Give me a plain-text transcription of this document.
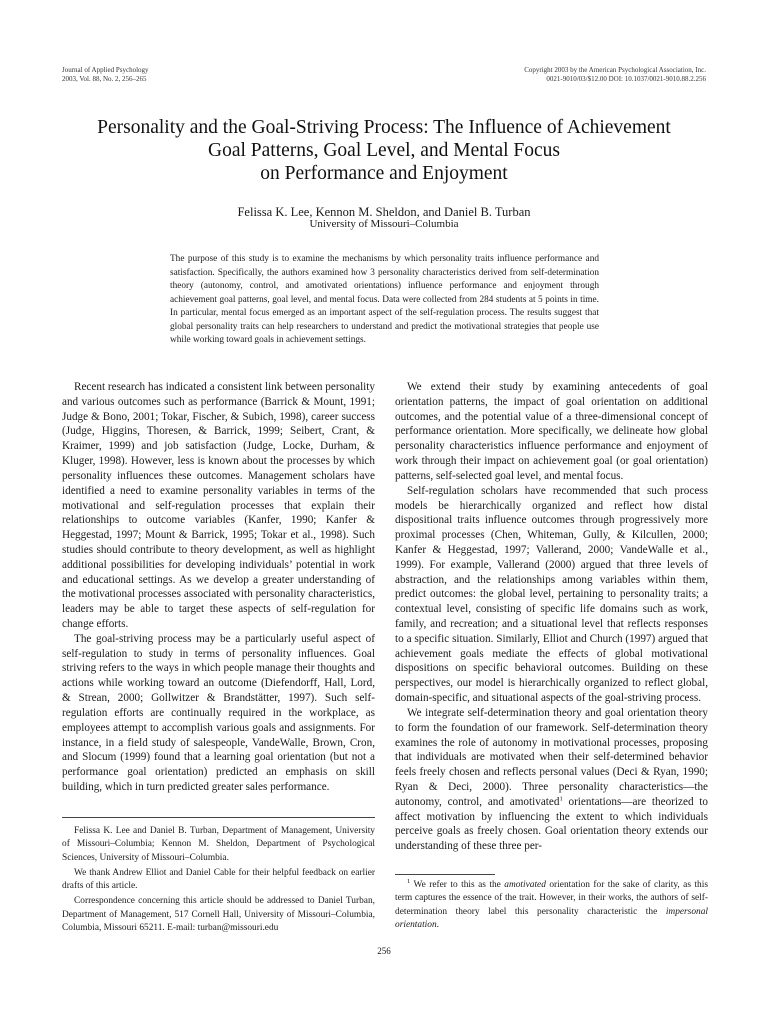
Journal of Applied Psychology
2003, Vol. 88, No. 2, 256–265
Copyright 2003 by the American Psychological Association, Inc.
0021-9010/03/$12.00 DOI: 10.1037/0021-9010.88.2.256
Personality and the Goal-Striving Process: The Influence of Achievement
Goal Patterns, Goal Level, and Mental Focus
on Performance and Enjoyment
Felissa K. Lee, Kennon M. Sheldon, and Daniel B. Turban
University of Missouri–Columbia
The purpose of this study is to examine the mechanisms by which personality traits influence performance and satisfaction. Specifically, the authors examined how 3 personality characteristics derived from self-determination theory (autonomy, control, and amotivated orientations) influence performance and enjoyment through achievement goal patterns, goal level, and mental focus. Data were collected from 284 students at 5 points in time. In particular, mental focus emerged as an important aspect of the self-regulation process. The results suggest that global personality traits can help researchers to understand and predict the motivational strategies that people use while working toward goals in achievement settings.

Recent research has indicated a consistent link between personality and various outcomes such as performance (Barrick & Mount, 1991; Judge & Bono, 2001; Tokar, Fischer, & Subich, 1998), career success (Judge, Higgins, Thoresen, & Barrick, 1999; Seibert, Crant, & Kraimer, 1999) and job satisfaction (Judge, Locke, Durham, & Kluger, 1998). However, less is known about the processes by which personality influences these outcomes. Management scholars have identified a need to examine personality variables in terms of the motivational and self-regulation processes that explain their relationships to outcome variables (Kanfer, 1990; Kanfer & Heggestad, 1997; Mount & Barrick, 1995; Tokar et al., 1998). Such studies should contribute to theory development, as well as highlight additional possibilities for developing individuals’ potential in work and educational settings. As we develop a greater understanding of the motivational processes associated with personality characteristics, leaders may be able to target these aspects of self-regulation for change efforts.

The goal-striving process may be a particularly useful aspect of self-regulation to study in terms of personality influences. Goal striving refers to the ways in which people manage their thoughts and actions while working toward an outcome (Diefendorff, Hall, Lord, & Strean, 2000; Gollwitzer & Brandstätter, 1997). Such self-regulation efforts are continually required in the workplace, as employees attempt to accomplish various goals and assignments. For instance, in a field study of salespeople, VandeWalle, Brown, Cron, and Slocum (1999) found that a learning goal orientation (but not a performance goal orientation) predicted an emphasis on skill building, which in turn predicted greater sales performance.

We extend their study by examining antecedents of goal orientation patterns, the impact of goal orientation on additional outcomes, and the potential value of a three-dimensional concept of performance orientation. More specifically, we delineate how global personality characteristics influence performance and enjoyment of work through their impact on achievement goal (or goal orientation) patterns, self-selected goal level, and mental focus.

Self-regulation scholars have recommended that such process models be hierarchically organized and reflect how distal dispositional traits influence outcomes through progressively more proximal processes (Chen, Whiteman, Gully, & Kilcullen, 2000; Kanfer & Heggestad, 1997; Vallerand, 2000; VandeWalle et al., 1999). For example, Vallerand (2000) argued that three levels of abstraction, and the relationships among variables within them, predict outcomes: the global level, pertaining to personality traits; a contextual level, consisting of specific life domains such as work, family, and recreation; and a situational level that reflects responses to a specific situation. Similarly, Elliot and Church (1997) argued that achievement goals mediate the effects of global motivational dispositions on specific behavioral outcomes. Building on these perspectives, our model is hierarchically organized to reflect global, domain-specific, and situational aspects of the goal-striving process.

We integrate self-determination theory and goal orientation theory to form the foundation of our framework. Self-determination theory examines the role of autonomy in motivational processes, proposing that individuals are motivated when their self-determined behavior feels freely chosen and reflects personal values (Deci & Ryan, 1990; Ryan & Deci, 2000). Three personality characteristics—the autonomy, control, and amotivated$^1$ orientations—are theorized to affect motivation by influencing the extent to which individuals perceive goals as freely chosen. Goal orientation theory extends our understanding of these three per-

Felissa K. Lee and Daniel B. Turban, Department of Management, University of Missouri–Columbia; Kennon M. Sheldon, Department of Psychological Sciences, University of Missouri–Columbia.

We thank Andrew Elliot and Daniel Cable for their helpful feedback on earlier drafts of this article.

Correspondence concerning this article should be addressed to Daniel Turban, Department of Management, 517 Cornell Hall, University of Missouri–Columbia, Columbia, Missouri 65211. E-mail: turban@missouri.edu

$^1$ We refer to this as the amotivated orientation for the sake of clarity, as this term captures the essence of the trait. However, in their works, the authors of self-determination theory label this personality characteristic the impersonal orientation.
256
